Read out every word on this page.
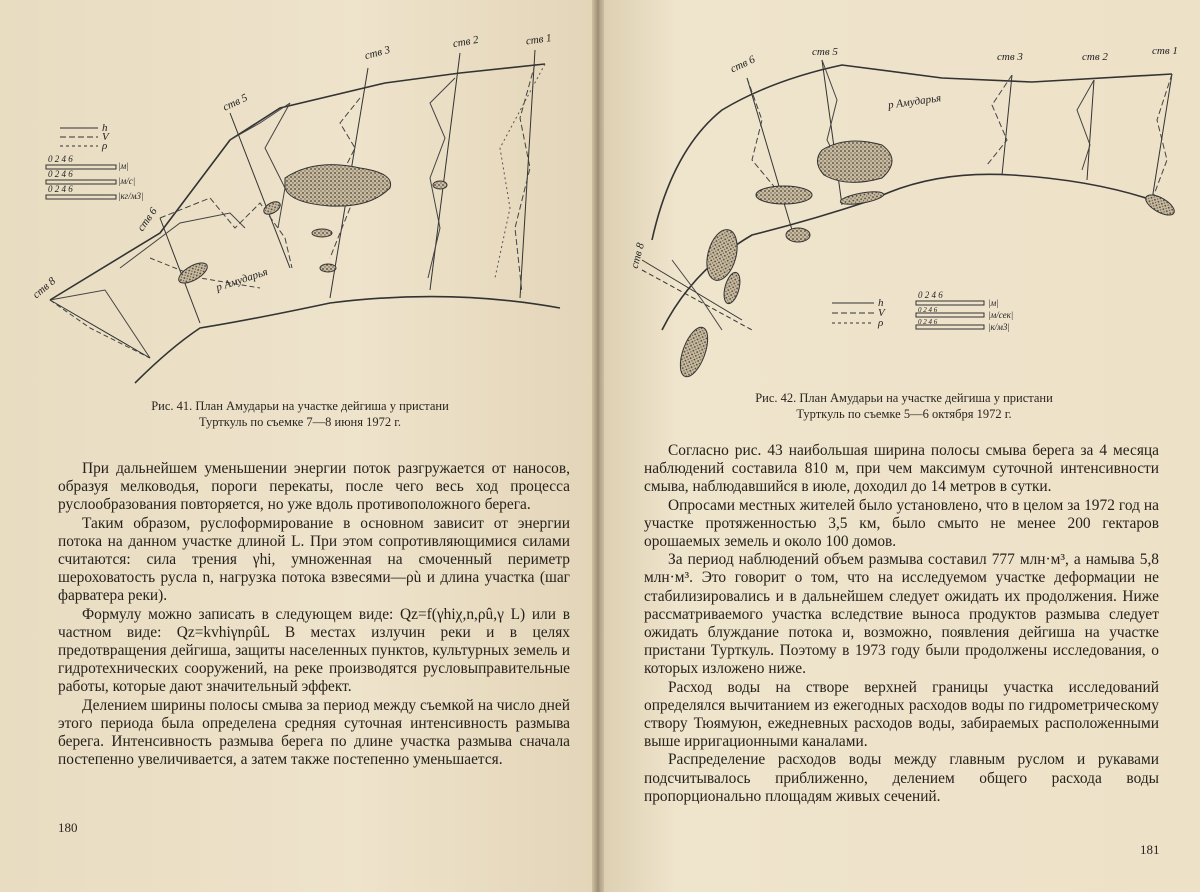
ств 8
ств 6
ств 5
ств 3
ств 2	ств 1
р Амударья
h
V
ρ
0 2 4 6
|м|
0 2 4 6
|м/с|
0 2 4 6
|кг/м3|
Рис. 41. План Амударьи на участке дейгиша у пристани
Турткуль по съемке 7—8 июня 1972 г.

При дальнейшем уменьшении энергии поток разгружается от наносов, образуя мелководья, пороги перекаты, после чего весь ход процесса руслообразования повторяется, но уже вдоль противоположного берега.

Таким образом, руслоформирование в основном зависит от энергии потока на данном участке длиной L. При этом сопротивляющимися силами считаются: сила трения γhi, умноженная на смоченный периметр шероховатость русла n, нагрузка потока взвесями—ρù и длина участка (шаг фарватера реки).

Формулу можно записать в следующем виде: Qz=f(γhiχ,n,ρû,γ L) или в частном виде: Qz=kvhiγnρûL В местах излучин реки и в целях предотвращения дейгиша, защиты населенных пунктов, культурных земель и гидротехнических сооружений, на реке производятся русловыправительные работы, которые дают значительный эффект.

Делением ширины полосы смыва за период между съемкой на число дней этого периода была определена средняя суточная интенсивность размыва берега. Интенсивность размыва берега по длине участка размыва сначала постепенно увеличивается, а затем также постепенно уменьшается.

180
ств 6
ств 5	ств 3	ств 2	ств 1
ств 8
р Амударья
h
V
ρ
0 2 4 6
|м|
|м/сек|
0 2 4 6
|к/м3|
0 2 4 6
Рис. 42. План Амударьи на участке дейгиша у пристани
Турткуль по съемке 5—6 октября 1972 г.

Согласно рис. 43 наибольшая ширина полосы смыва берега за 4 месяца наблюдений составила 810 м, при чем максимум суточной интенсивности смыва, наблюдавшийся в июле, доходил до 14 метров в сутки.

Опросами местных жителей было установлено, что в целом за 1972 год на участке протяженностью 3,5 км, было смыто не менее 200 гектаров орошаемых земель и около 100 домов.

За период наблюдений объем размыва составил 777 млн·м³, а намыва 5,8 млн·м³. Это говорит о том, что на исследуемом участке деформации не стабилизировались и в дальнейшем следует ожидать их продолжения. Ниже рассматриваемого участка вследствие выноса продуктов размыва следует ожидать блуждание потока и, возможно, появления дейгиша на участке пристани Турткуль. Поэтому в 1973 году были продолжены исследования, о которых изложено ниже.

Расход воды на створе верхней границы участка исследований определялся вычитанием из ежегодных расходов воды по гидрометрическому створу Тюямуюн, ежедневных расходов воды, забираемых расположенными выше ирригационными каналами.

Распределение расходов воды между главным руслом и рукавами подсчитывалось приближенно, делением общего расхода воды пропорционально площадям живых сечений.

181
